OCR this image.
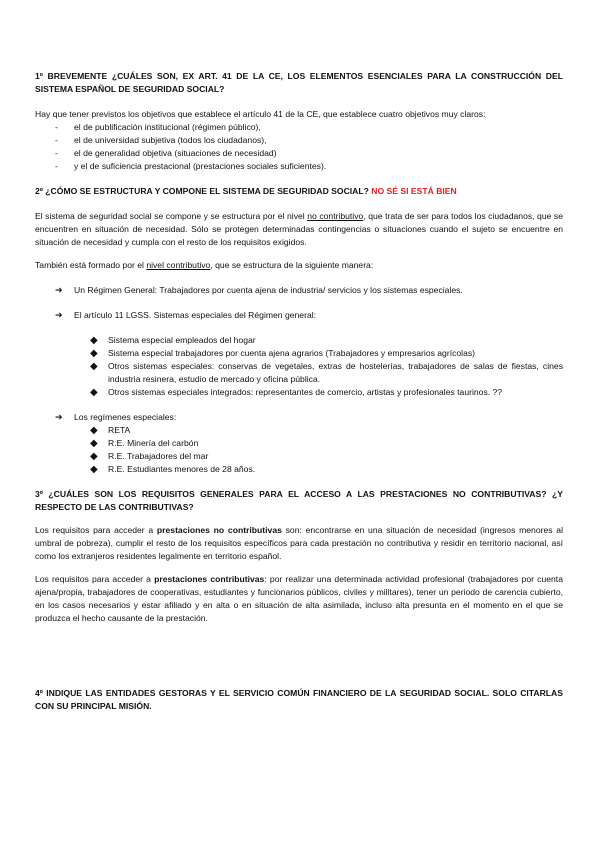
1º BREVEMENTE ¿CUÁLES SON, EX ART. 41 DE LA CE, LOS ELEMENTOS ESENCIALES PARA LA CONSTRUCCIÓN DEL SISTEMA ESPAÑOL DE SEGURIDAD SOCIAL?

Hay que tener previstos los objetivos que establece el artículo 41 de la CE, que establece cuatro objetivos muy claros:

- el de publificación institucional (régimen público),
- el de universidad subjetiva (todos los ciudadanos),
- el de generalidad objetiva (situaciones de necesidad)
- y el de suficiencia prestacional (prestaciones sociales suficientes).

2º ¿CÓMO SE ESTRUCTURA Y COMPONE EL SISTEMA DE SEGURIDAD SOCIAL? NO SÉ SI ESTÁ BIEN

El sistema de seguridad social se compone y se estructura por el nivel no contributivo, que trata de ser para todos los ciudadanos, que se encuentren en situación de necesidad. Sólo se protegen determinadas contingencias o situaciones cuando el sujeto se encuentre en situación de necesidad y cumpla con el resto de los requisitos exigidos.

También está formado por el nivel contributivo, que se estructura de la siguiente manera:

➔ Un Régimen General: Trabajadores por cuenta ajena de industria/ servicios y los sistemas especiales.
➔ El artículo 11 LGSS. Sistemas especiales del Régimen general:
◆ Sistema especial empleados del hogar
◆ Sistema especial trabajadores por cuenta ajena agrarios (Trabajadores y empresarios agrícolas)
◆ Otros sistemas especiales: conservas de vegetales, extras de hostelerías, trabajadores de salas de fiestas, cines industria resinera, estudio de mercado y oficina pública.
◆ Otros sistemas especiales integrados: representantes de comercio, artistas y profesionales taurinos. ??
➔ Los regímenes especiales:
◆ RETA
◆ R.E. Minería del carbón
◆ R.E. Trabajadores del mar
◆ R.E. Estudiantes menores de 28 años.

3º ¿CUÁLES SON LOS REQUISITOS GENERALES PARA EL ACCESO A LAS PRESTACIONES NO CONTRIBUTIVAS? ¿Y RESPECTO DE LAS CONTRIBUTIVAS?

Los requisitos para acceder a prestaciones no contributivas son: encontrarse en una situación de necesidad (ingresos menores al umbral de pobreza), cumplir el resto de los requisitos específicos para cada prestación no contributiva y residir en territorio nacional, así como los extranjeros residentes legalmente en territorio español.

Los requisitos para acceder a prestaciones contributivas: por realizar una determinada actividad profesional (trabajadores por cuenta ajena/propia, trabajadores de cooperativas, estudiantes y funcionarios públicos, civiles y militares), tener un periodo de carencia cubierto, en los casos necesarios y estar afiliado y en alta o en situación de alta asimilada, incluso alta presunta en el momento en el que se produzca el hecho causante de la prestación.

4º INDIQUE LAS ENTIDADES GESTORAS Y EL SERVICIO COMÚN FINANCIERO DE LA SEGURIDAD SOCIAL. SOLO CITARLAS CON SU PRINCIPAL MISIÓN.
